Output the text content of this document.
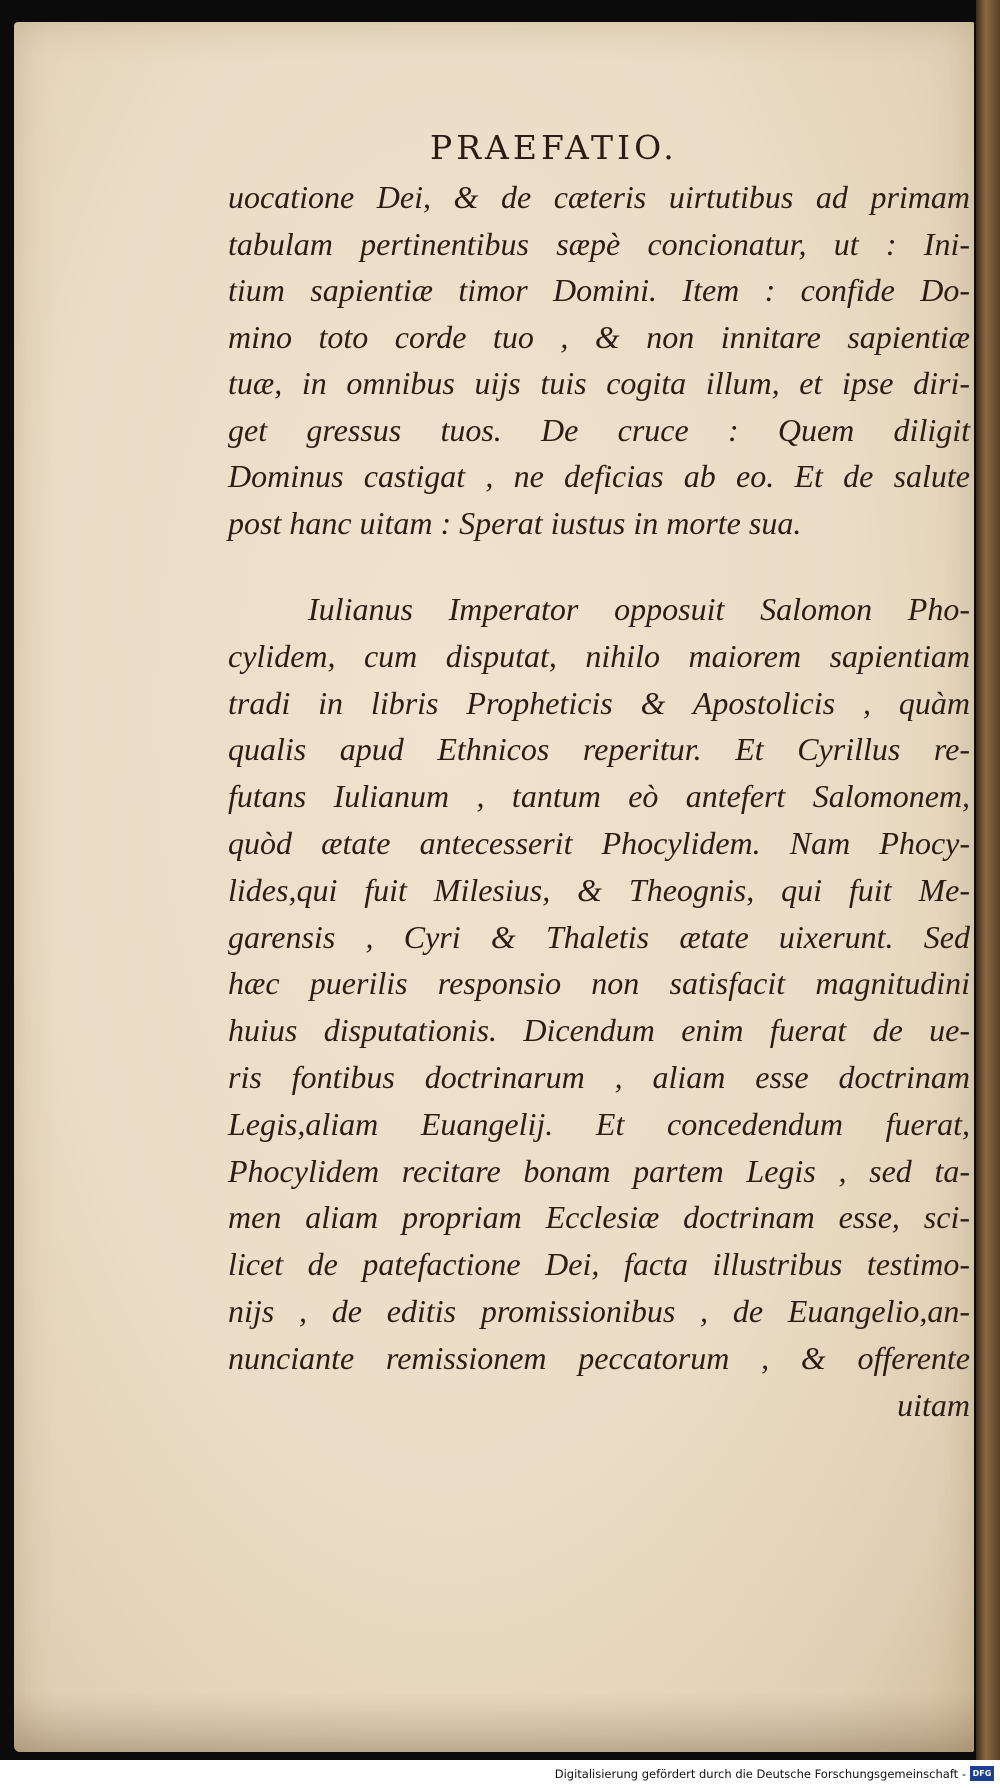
PRAEFATIO.
uocatione Dei, & de cæteris uirtutibus ad primam
tabulam pertinentibus sæpè concionatur, ut : Ini-
tium sapientiæ timor Domini. Item : confide Do-
mino toto corde tuo , & non innitare sapientiæ
tuæ, in omnibus uijs tuis cogita illum, et ipse diri-
get gressus tuos. De cruce : Quem diligit
Dominus castigat , ne deficias ab eo. Et de salute
post hanc uitam : Sperat iustus in morte sua.
Iulianus Imperator opposuit Salomon Pho-
cylidem, cum disputat, nihilo maiorem sapientiam
tradi in libris Propheticis & Apostolicis , quàm
qualis apud Ethnicos reperitur. Et Cyrillus re-
futans Iulianum , tantum eò antefert Salomonem,
quòd ætate antecesserit Phocylidem. Nam Phocy-
lides,qui fuit Milesius, & Theognis, qui fuit Me-
garensis , Cyri & Thaletis ætate uixerunt. Sed
hæc puerilis responsio non satisfacit magnitudini
huius disputationis. Dicendum enim fuerat de ue-
ris fontibus doctrinarum , aliam esse doctrinam
Legis,aliam Euangelij. Et concedendum fuerat,
Phocylidem recitare bonam partem Legis , sed ta-
men aliam propriam Ecclesiæ doctrinam esse, sci-
licet de patefactione Dei, facta illustribus testimo-
nijs , de editis promissionibus , de Euangelio,an-
nunciante remissionem peccatorum , & offerente
uitam
Digitalisierung gefördert durch die Deutsche Forschungsgemeinschaft - DFG
